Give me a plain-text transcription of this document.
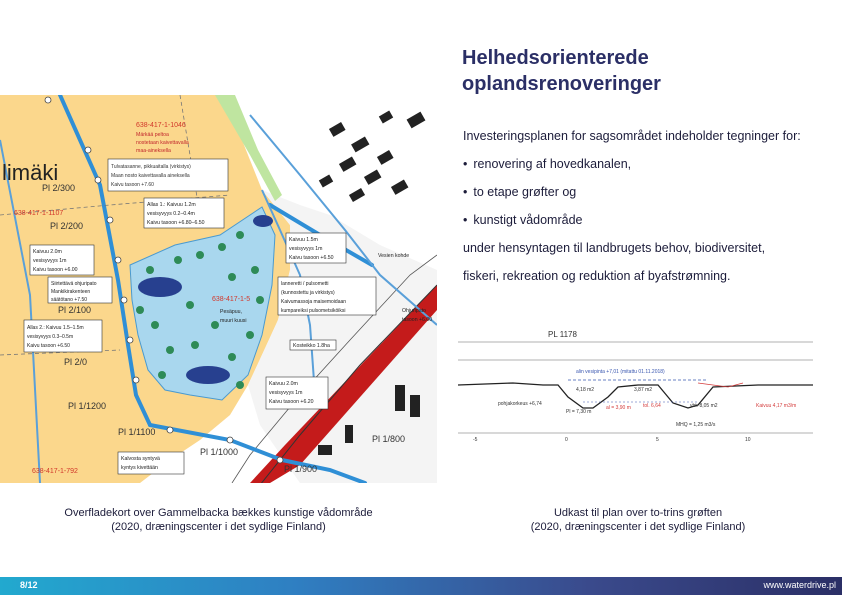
limäki
Pl 2/300
Pl 2/200
Pl 2/100
Pl 2/0
Pl 1/1200
Pl 1/1100
Pl 1/1000
Pl 1/900
Pl 1/800
638-417-1-1046
638-417-1-1107
638-417-1-5
638-417-1-792
Märkää peltoa
nostetaan kaivettavalla
maa-aineksella
Tulvatasanne, pikkuaitalla (virkistys)
Maan nosto kaivettavalla aineksella
Kaivu tasoon +7.60
Allas 1.: Kaivuu 1.2m
vesisyvyys 0.2–0.4m
Kaivu tasoon +6.80–6.50
Kaivuu 2.0m
vesisyvyys 1m
Kaivu tasoon +6.00
Siirtettävä ohjuripato
Mankikirakenteen
säätötano +7.50
Allas 2.: Kaivuu 1.5–1.5m
vesisyvyys 0.3–0.5m
Kaivu tasoon +6.50
Kaivuu 1.5m
vesisyvyys 1m
Kaivu tasoon +6.50
lanneretti / pulsometti
(kunnostettu ja virkistys)
Kaivumassoja maisemoidaan
kumpareiksi pulsometsiköiksi
Pesäpuu,
muuri kuusi
Vesien kohde
Ohjuripato
tasoon +6.00
Kosteikko 1.8ha
Kaivuu 2.0m
vesisyvyys 1m
Kaivu tasoon +6.20
Kalvosta syntyvä
kyntys kivettään
Helhedsorienterede
oplandsrenoveringer

Investeringsplanen for sagsområdet indeholder tegninger for:

• renovering af hovedkanalen,

• to etape grøfter og

• kunstigt vådområde

under hensyntagen til landbrugets behov, biodiversitet,

fiskeri, rekreation og reduktion af byafstrømning.

PL 1178
alin vesipinta +7,01 (mitattu 01.11.2018)
4,18 m2	3,87 m2
pohjakorkeus +6,74	tol. 6,64
Pl = 7,30 m
al = 3,90 m	yht. 8,05 m2	Kaivuu 4,17 m3/m
MHQ = 1,25 m3/s
-5	0	5	10
Overfladekort over Gammelbacka bækkes kunstige vådområde
(2020, dræningscenter i det sydlige Finland)
Udkast til plan over to-trins grøften
(2020, dræningscenter i det sydlige Finland)
8/12	www.waterdrive.pl
